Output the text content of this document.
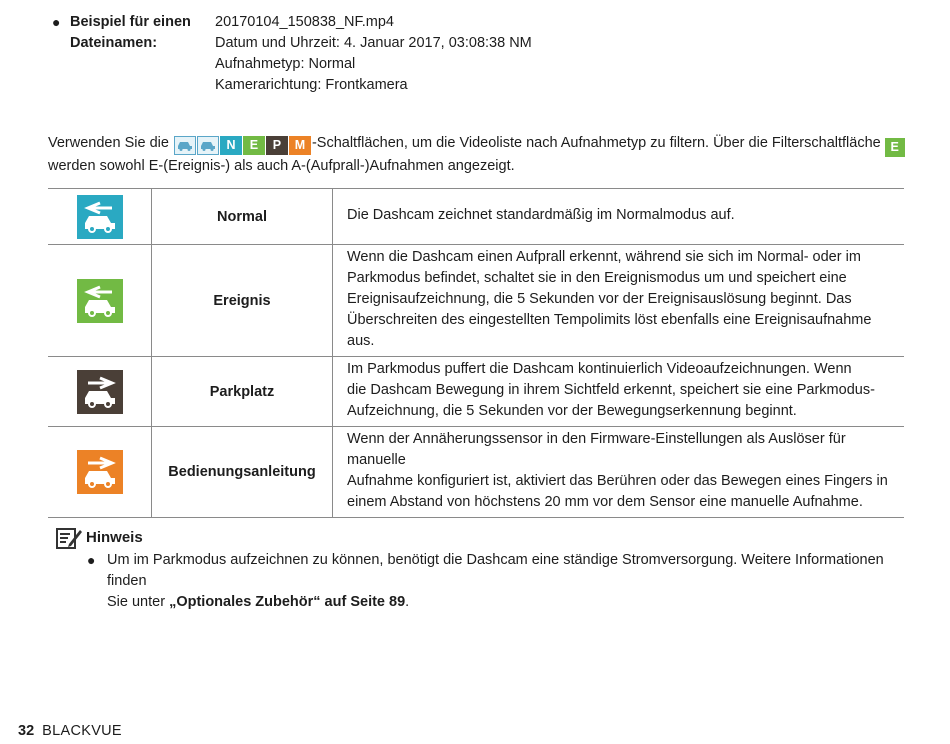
● Beispiel für einen
Dateinamen:
20170104_150838_NF.mp4
Datum und Uhrzeit: 4. Januar 2017, 03:08:38 NM
Aufnahmetyp: Normal
Kamerarichtung: Frontkamera
Verwenden Sie die	N	E	P	M -Schaltflächen, um die Videoliste nach Aufnahmetyp zu filtern. Über die Filterschaltfläche E
werden sowohl E-(Ereignis-) als auch A-(Aufprall-)Aufnahmen angezeigt.
	Normal	Die Dashcam zeichnet standardmäßig im Normalmodus auf.

	Ereignis	Wenn die Dashcam einen Aufprall erkennt, während sie sich im Normal- oder im
Parkmodus befindet, schaltet sie in den Ereignismodus um und speichert eine
Ereignisaufzeichnung, die 5 Sekunden vor der Ereignisauslösung beginnt. Das
Überschreiten des eingestellten Tempolimits löst ebenfalls eine Ereignisaufnahme aus.

	Parkplatz	Im Parkmodus puffert die Dashcam kontinuierlich Videoaufzeichnungen. Wenn
die Dashcam Bewegung in ihrem Sichtfeld erkennt, speichert sie eine Parkmodus-
Aufzeichnung, die 5 Sekunden vor der Bewegungserkennung beginnt.

	Bedienungsanleitung	Wenn der Annäherungssensor in den Firmware-Einstellungen als Auslöser für manuelle
Aufnahme konfiguriert ist, aktiviert das Berühren oder das Bewegen eines Fingers in
einem Abstand von höchstens 20 mm vor dem Sensor eine manuelle Aufnahme.
Hinweis
● Um im Parkmodus aufzeichnen zu können, benötigt die Dashcam eine ständige Stromversorgung. Weitere Informationen finden
Sie unter „Optionales Zubehör“ auf Seite 89.
32 BLACKVUE
